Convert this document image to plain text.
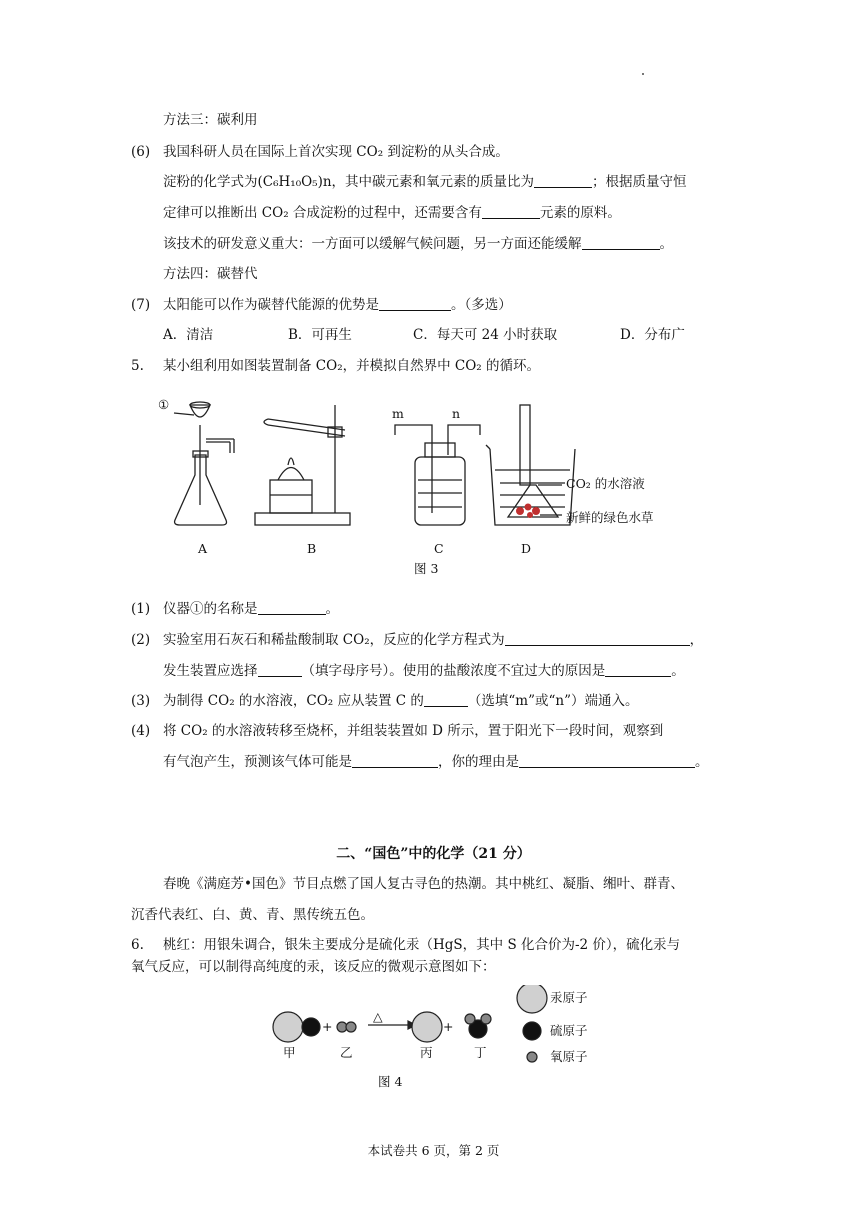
方法三：碳利用
(6) 我国科研人员在国际上首次实现 CO₂ 到淀粉的从头合成。
淀粉的化学式为(C₆H₁₀O₅)n，其中碳元素和氧元素的质量比为	；根据质量守恒
定律可以推断出 CO₂ 合成淀粉的过程中，还需要含有	元素的原料。
该技术的研发意义重大：一方面可以缓解气候问题，另一方面还能缓解	。
方法四：碳替代
(7) 太阳能可以作为碳替代能源的优势是	。（多选）
A．清洁	B．可再生	C．每天可 24 小时获取	D．分布广
5. 某小组利用如图装置制备 CO₂，并模拟自然界中 CO₂ 的循环。
①
m	n
CO₂ 的水溶液
新鲜的绿色水草
A	B	C	D
图 3
(1) 仪器①的名称是	。
(2) 实验室用石灰石和稀盐酸制取 CO₂，反应的化学方程式为	，
发生装置应选择	（填字母序号）。使用的盐酸浓度不宜过大的原因是	。
(3) 为制得 CO₂ 的水溶液，CO₂ 应从装置 C 的	（选填“m”或“n”）端通入。
(4) 将 CO₂ 的水溶液转移至烧杯，并组装装置如 D 所示，置于阳光下一段时间，观察到
有气泡产生，预测该气体可能是	，你的理由是	。
二、“国色”中的化学（21 分）
春晚《满庭芳•国色》节目点燃了国人复古寻色的热潮。其中桃红、凝脂、缃叶、群青、
沉香代表红、白、黄、青、黑传统五色。
6. 桃红：用银朱调合，银朱主要成分是硫化汞（HgS，其中 S 化合价为-2 价），硫化汞与
氧气反应，可以制得高纯度的汞，该反应的微观示意图如下：
+	+
△
甲	乙	丙	丁
汞原子
硫原子
氧原子
图 4
本试卷共 6 页，第 2 页
